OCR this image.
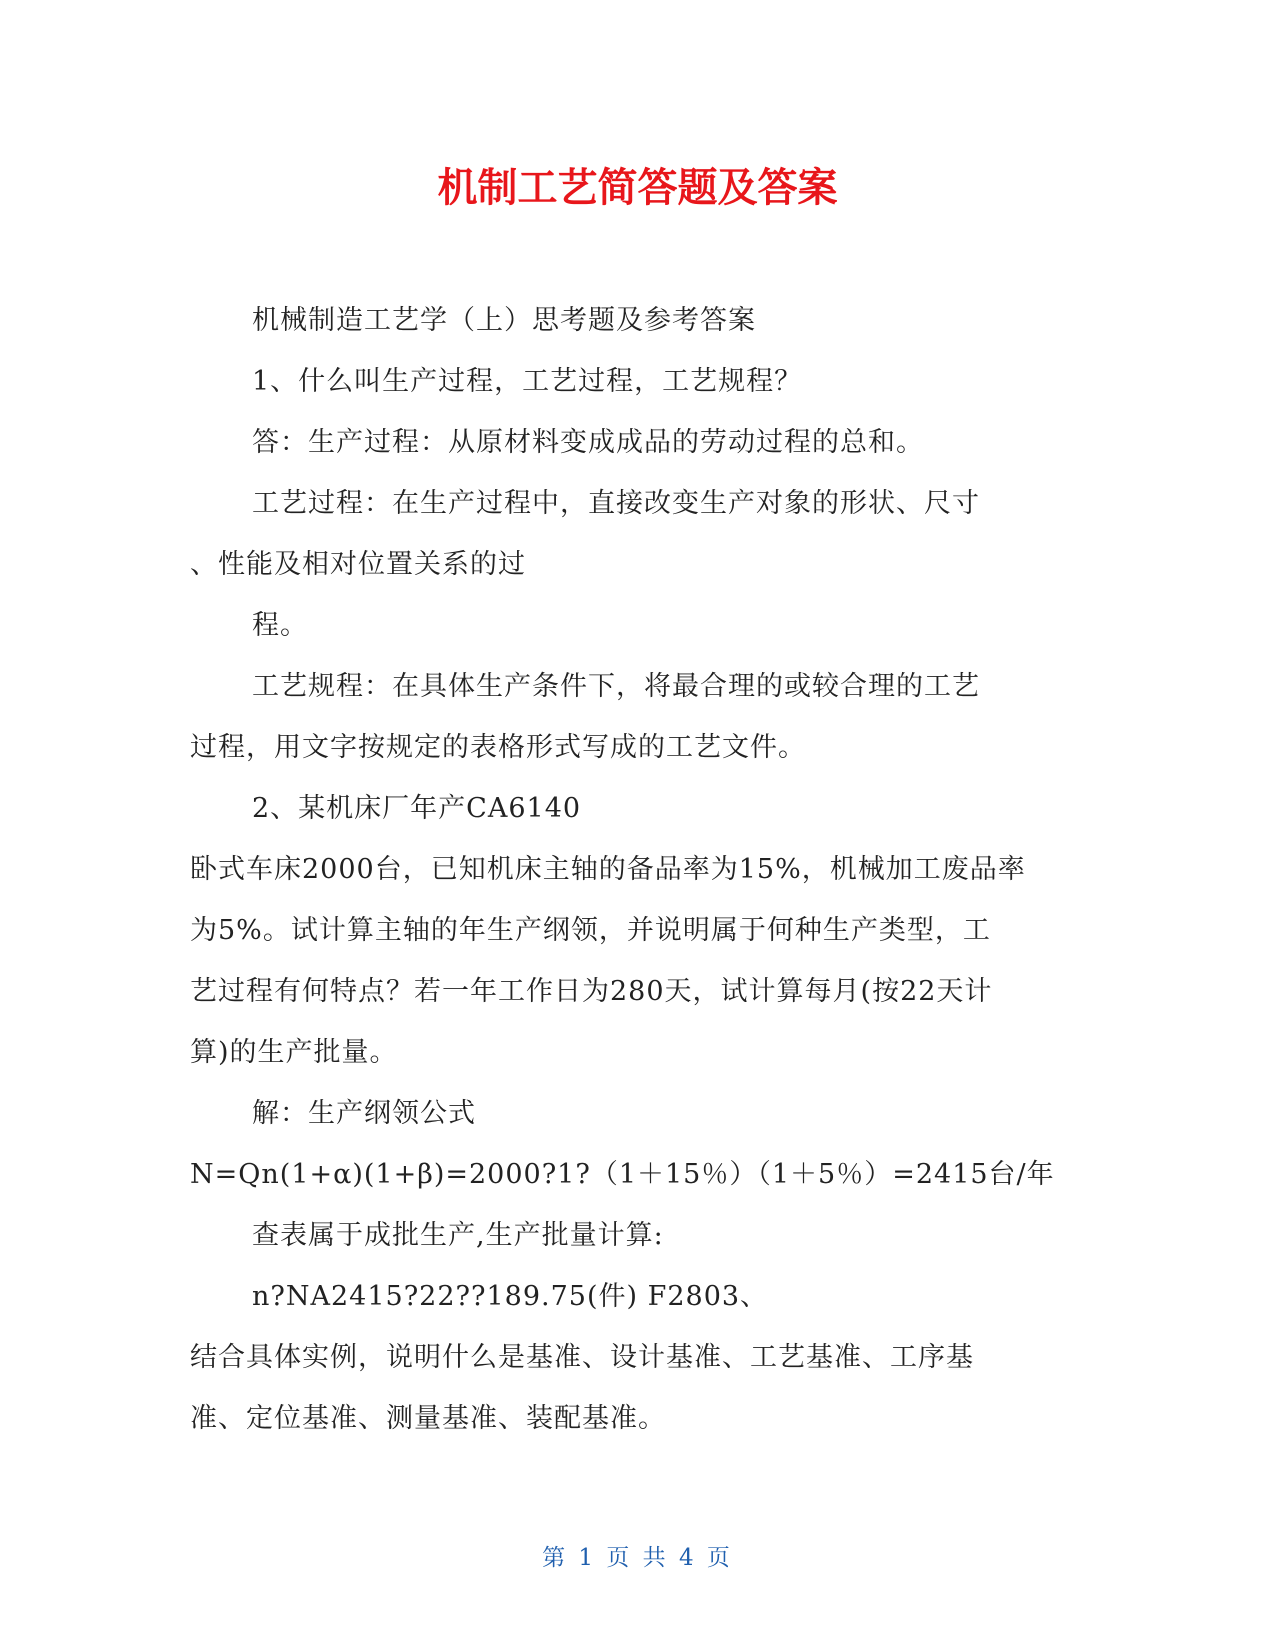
机制工艺简答题及答案
机械制造工艺学（上）思考题及参考答案
1、什么叫生产过程，工艺过程，工艺规程？
答：生产过程：从原材料变成成品的劳动过程的总和。
工艺过程：在生产过程中，直接改变生产对象的形状、尺寸
、性能及相对位置关系的过
程。
工艺规程：在具体生产条件下，将最合理的或较合理的工艺
过程，用文字按规定的表格形式写成的工艺文件。
2、某机床厂年产CA6140
卧式车床2000台，已知机床主轴的备品率为15%，机械加工废品率
为5%。试计算主轴的年生产纲领，并说明属于何种生产类型，工
艺过程有何特点？若一年工作日为280天，试计算每月(按22天计
算)的生产批量。
解：生产纲领公式
N=Qn(1+α)(1+β)=2000?1?（1＋15％）（1＋5％）=2415台/年
查表属于成批生产,生产批量计算:
n?NA2415?22??189.75(件) F2803、
结合具体实例，说明什么是基准、设计基准、工艺基准、工序基
准、定位基准、测量基准、装配基准。
第 1 页 共 4 页
